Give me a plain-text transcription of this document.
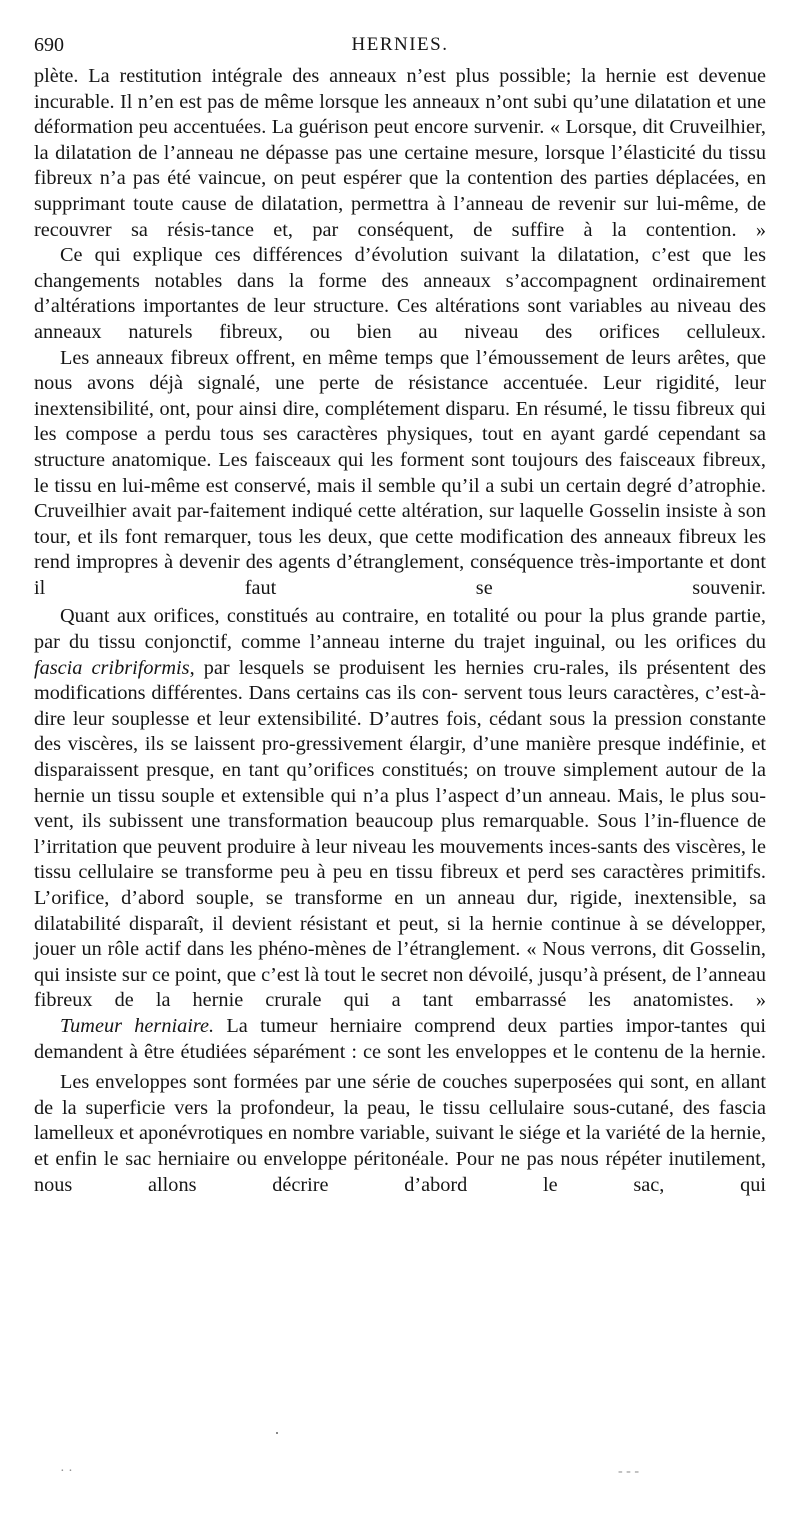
690	HERNIES.

plète. La restitution intégrale des anneaux n’est plus possible; la hernie est devenue incurable. Il n’en est pas de même lorsque les anneaux n’ont subi qu’une dilatation et une déformation peu accentuées. La guérison peut encore survenir. « Lorsque, dit Cruveilhier, la dilatation de l’anneau ne dépasse pas une certaine mesure, lorsque l’élasticité du tissu fibreux n’a pas été vaincue, on peut espérer que la contention des parties déplacées, en supprimant toute cause de dilatation, permettra à l’anneau de revenir sur lui-même, de recouvrer sa résis-tance et, par conséquent, de suffire à la contention. »

Ce qui explique ces différences d’évolution suivant la dilatation, c’est que les changements notables dans la forme des anneaux s’accompagnent ordinairement d’altérations importantes de leur structure. Ces altérations sont variables au niveau des anneaux naturels fibreux, ou bien au niveau des orifices celluleux.

Les anneaux fibreux offrent, en même temps que l’émoussement de leurs arêtes, que nous avons déjà signalé, une perte de résistance accentuée. Leur rigidité, leur inextensibilité, ont, pour ainsi dire, complétement disparu. En résumé, le tissu fibreux qui les compose a perdu tous ses caractères physiques, tout en ayant gardé cependant sa structure anatomique. Les faisceaux qui les forment sont toujours des faisceaux fibreux, le tissu en lui-même est conservé, mais il semble qu’il a subi un certain degré d’atrophie. Cruveilhier avait par-faitement indiqué cette altération, sur laquelle Gosselin insiste à son tour, et ils font remarquer, tous les deux, que cette modification des anneaux fibreux les rend impropres à devenir des agents d’étranglement, conséquence très-importante et dont il faut se souvenir.

Quant aux orifices, constitués au contraire, en totalité ou pour la plus grande partie, par du tissu conjonctif, comme l’anneau interne du trajet inguinal, ou les orifices du fascia cribriformis, par lesquels se produisent les hernies cru-rales, ils présentent des modifications différentes. Dans certains cas ils con- servent tous leurs caractères, c’est-à-dire leur souplesse et leur extensibilité. D’autres fois, cédant sous la pression constante des viscères, ils se laissent pro-gressivement élargir, d’une manière presque indéfinie, et disparaissent presque, en tant qu’orifices constitués; on trouve simplement autour de la hernie un tissu souple et extensible qui n’a plus l’aspect d’un anneau. Mais, le plus sou-vent, ils subissent une transformation beaucoup plus remarquable. Sous l’in-fluence de l’irritation que peuvent produire à leur niveau les mouvements inces-sants des viscères, le tissu cellulaire se transforme peu à peu en tissu fibreux et perd ses caractères primitifs. L’orifice, d’abord souple, se transforme en un anneau dur, rigide, inextensible, sa dilatabilité disparaît, il devient résistant et peut, si la hernie continue à se développer, jouer un rôle actif dans les phéno-mènes de l’étranglement. « Nous verrons, dit Gosselin, qui insiste sur ce point, que c’est là tout le secret non dévoilé, jusqu’à présent, de l’anneau fibreux de la hernie crurale qui a tant embarrassé les anatomistes. »

Tumeur herniaire. La tumeur herniaire comprend deux parties impor-tantes qui demandent à être étudiées séparément : ce sont les enveloppes et le contenu de la hernie.

Les enveloppes sont formées par une série de couches superposées qui sont, en allant de la superficie vers la profondeur, la peau, le tissu cellulaire sous-cutané, des fascia lamelleux et aponévrotiques en nombre variable, suivant le siége et la variété de la hernie, et enfin le sac herniaire ou enveloppe péritonéale. Pour ne pas nous répéter inutilement, nous allons décrire d’abord le sac, qui

· ·	- - -
